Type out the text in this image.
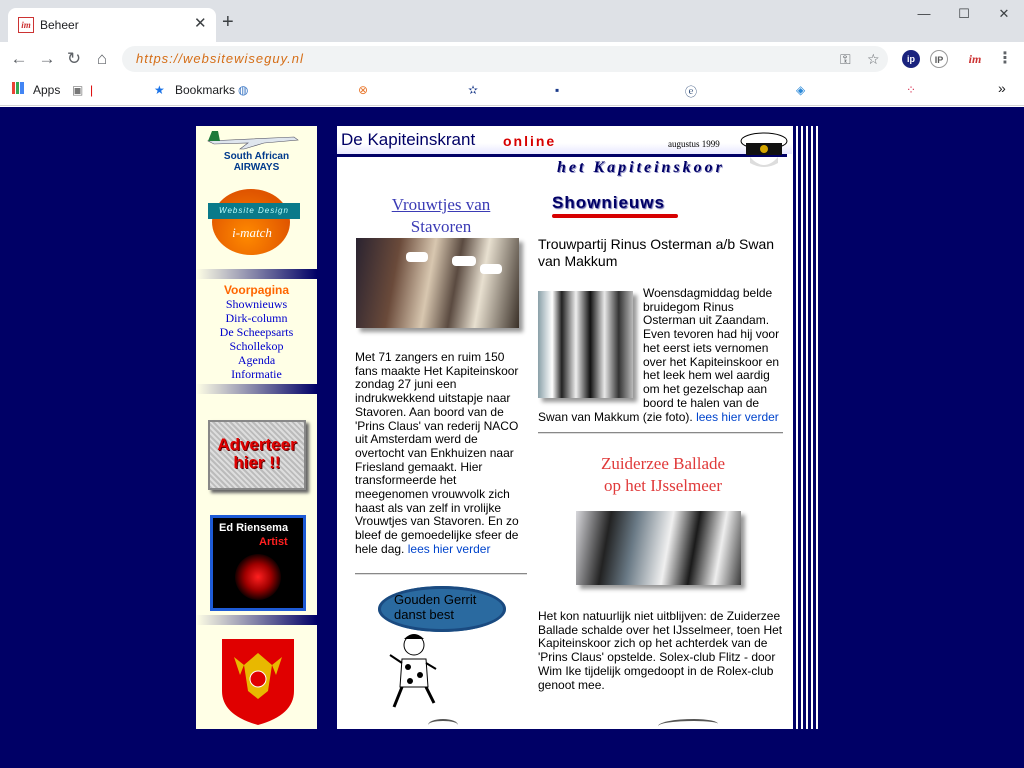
im Beheer	✕ +	—	☐	✕
← → ↻ ⌂	https://websitewiseguy.nl	⚿ ☆	ip	IP	im ⋮
Apps ▣ |	★ Bookmarks ◍	⊗	✫	▪	ⓔ	◈	⁘	»
South African
AIRWAYS
Website Design
i-match
Voorpagina
Shownieuws
Dirk-column
De Scheepsarts
Schollekop
Agenda
Informatie
Adverteer hier !!
Ed Riensema
Artist
De Kapiteinskrant online	augustus 1999
het Kapiteinskoor
Vrouwtjes van
Stavoren
Met 71 zangers en ruim 150 fans maakte Het Kapiteinskoor zondag 27 juni een indrukwekkend uitstapje naar Stavoren. Aan boord van de 'Prins Claus' van rederij NACO uit Amsterdam werd de overtocht van Enkhuizen naar Friesland gemaakt. Hier transformeerde het meegenomen vrouwvolk zich haast als van zelf in vrolijke Vrouwtjes van Stavoren. En zo bleef de gemoedelijke sfeer de hele dag. lees hier verder
Gouden Gerrit danst best
Shownieuws
Trouwpartij Rinus Osterman a/b Swan van Makkum
Woensdagmiddag belde bruidegom Rinus Osterman uit Zaandam. Even tevoren had hij voor het eerst iets vernomen over het Kapiteinskoor en het leek hem wel aardig om het gezelschap aan boord te halen van de
Swan van Makkum (zie foto). lees hier verder
Zuiderzee Ballade
op het IJsselmeer
Het kon natuurlijk niet uitblijven: de Zuiderzee Ballade schalde over het IJsselmeer, toen Het Kapiteinskoor zich op het achterdek van de 'Prins Claus' opstelde. Solex-club Flitz - door Wim Ike tijdelijk omgedoopt in de Rolex-club genoot mee.
